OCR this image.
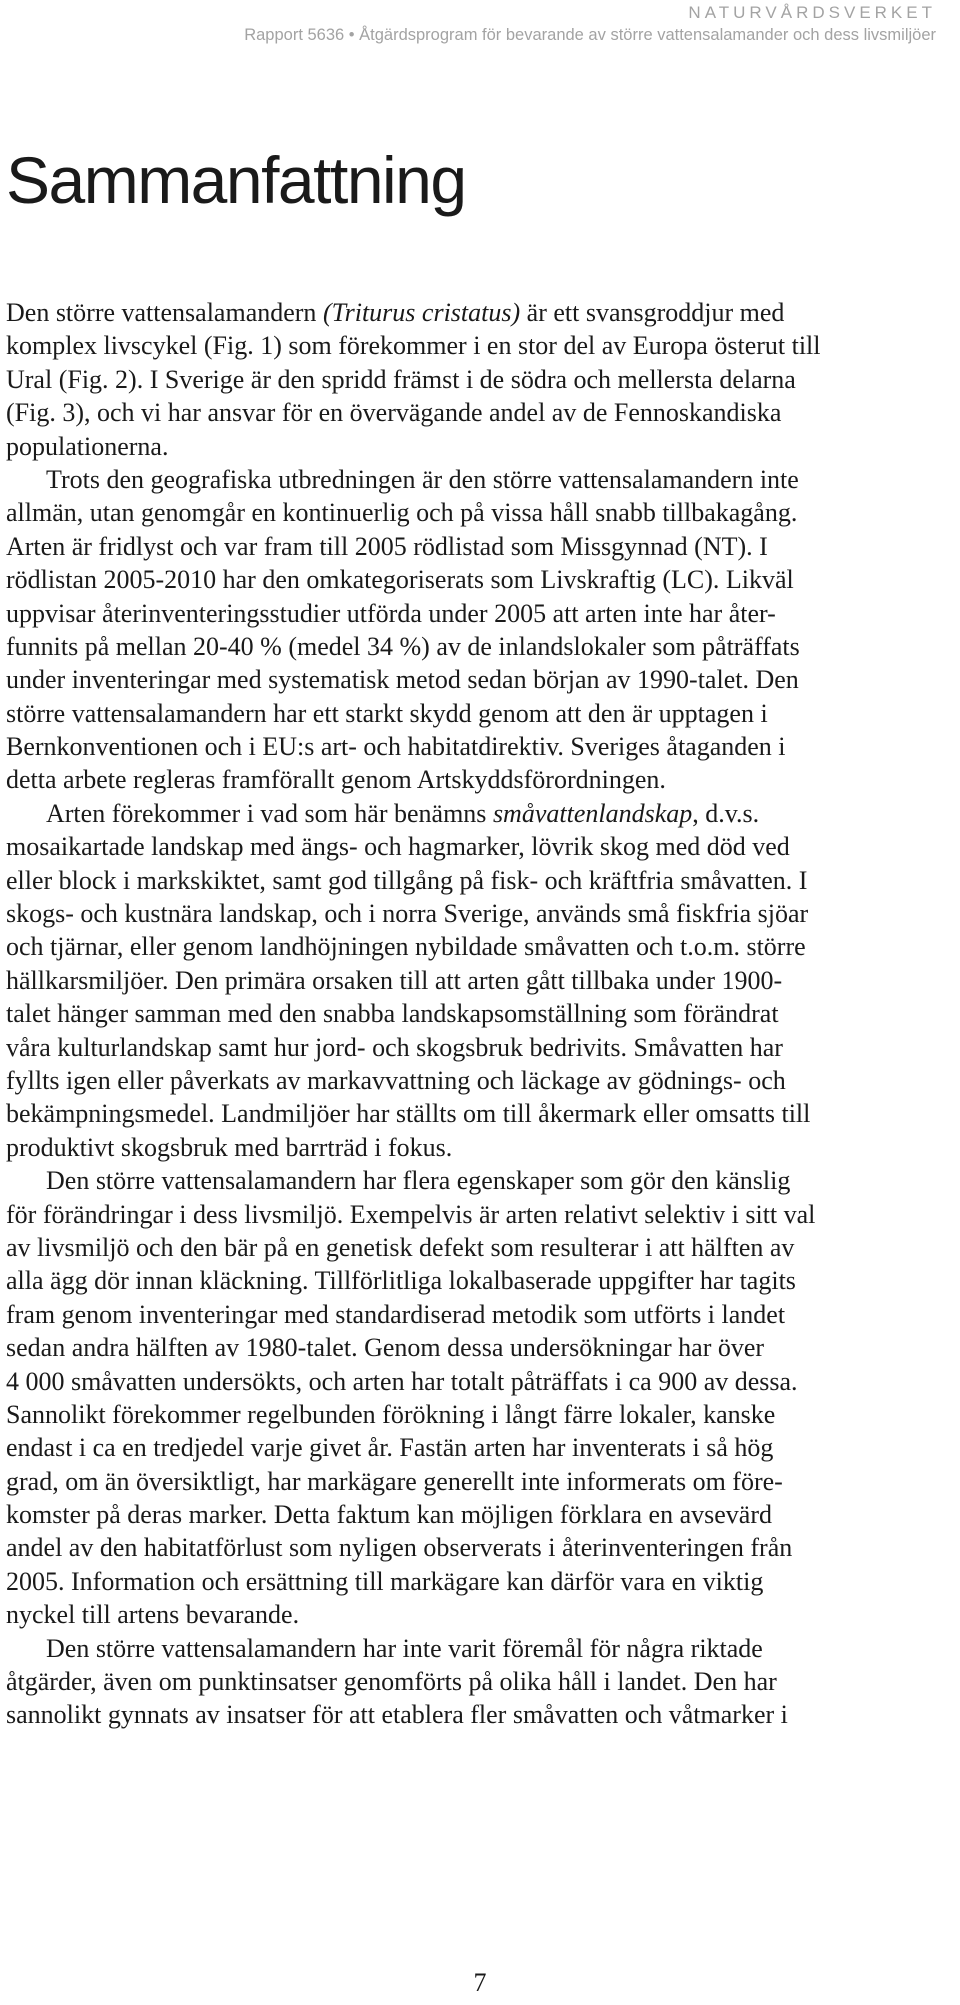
NATURVÅRDSVERKET
Rapport 5636 • Åtgärdsprogram för bevarande av större vattensalamander och dess livsmiljöer
Sammanfattning
Den större vattensalamandern (Triturus cristatus) är ett svansgroddjur med
komplex livscykel (Fig. 1) som förekommer i en stor del av Europa österut till
Ural (Fig. 2). I Sverige är den spridd främst i de södra och mellersta delarna
(Fig. 3), och vi har ansvar för en övervägande andel av de Fennoskandiska
populationerna.
Trots den geografiska utbredningen är den större vattensalamandern inte
allmän, utan genomgår en kontinuerlig och på vissa håll snabb tillbakagång.
Arten är fridlyst och var fram till 2005 rödlistad som Missgynnad (NT). I
rödlistan 2005-2010 har den omkategoriserats som Livskraftig (LC). Likväl
uppvisar återinventeringsstudier utförda under 2005 att arten inte har åter-
funnits på mellan 20-40 % (medel 34 %) av de inlandslokaler som påträffats
under inventeringar med systematisk metod sedan början av 1990-talet. Den
större vattensalamandern har ett starkt skydd genom att den är upptagen i
Bernkonventionen och i EU:s art- och habitatdirektiv. Sveriges åtaganden i
detta arbete regleras framförallt genom Artskyddsförordningen.
Arten förekommer i vad som här benämns småvattenlandskap, d.v.s.
mosaikartade landskap med ängs- och hagmarker, lövrik skog med död ved
eller block i markskiktet, samt god tillgång på fisk- och kräftfria småvatten. I
skogs- och kustnära landskap, och i norra Sverige, används små fiskfria sjöar
och tjärnar, eller genom landhöjningen nybildade småvatten och t.o.m. större
hällkarsmiljöer. Den primära orsaken till att arten gått tillbaka under 1900-
talet hänger samman med den snabba landskapsomställning som förändrat
våra kulturlandskap samt hur jord- och skogsbruk bedrivits. Småvatten har
fyllts igen eller påverkats av markavvattning och läckage av gödnings- och
bekämpningsmedel. Landmiljöer har ställts om till åkermark eller omsatts till
produktivt skogsbruk med barrträd i fokus.
Den större vattensalamandern har flera egenskaper som gör den känslig
för förändringar i dess livsmiljö. Exempelvis är arten relativt selektiv i sitt val
av livsmiljö och den bär på en genetisk defekt som resulterar i att hälften av
alla ägg dör innan kläckning. Tillförlitliga lokalbaserade uppgifter har tagits
fram genom inventeringar med standardiserad metodik som utförts i landet
sedan andra hälften av 1980-talet. Genom dessa undersökningar har över
4 000 småvatten undersökts, och arten har totalt påträffats i ca 900 av dessa.
Sannolikt förekommer regelbunden förökning i långt färre lokaler, kanske
endast i ca en tredjedel varje givet år. Fastän arten har inventerats i så hög
grad, om än översiktligt, har markägare generellt inte informerats om före-
komster på deras marker. Detta faktum kan möjligen förklara en avsevärd
andel av den habitatförlust som nyligen observerats i återinventeringen från
2005. Information och ersättning till markägare kan därför vara en viktig
nyckel till artens bevarande.
Den större vattensalamandern har inte varit föremål för några riktade
åtgärder, även om punktinsatser genomförts på olika håll i landet. Den har
sannolikt gynnats av insatser för att etablera fler småvatten och våtmarker i
7
